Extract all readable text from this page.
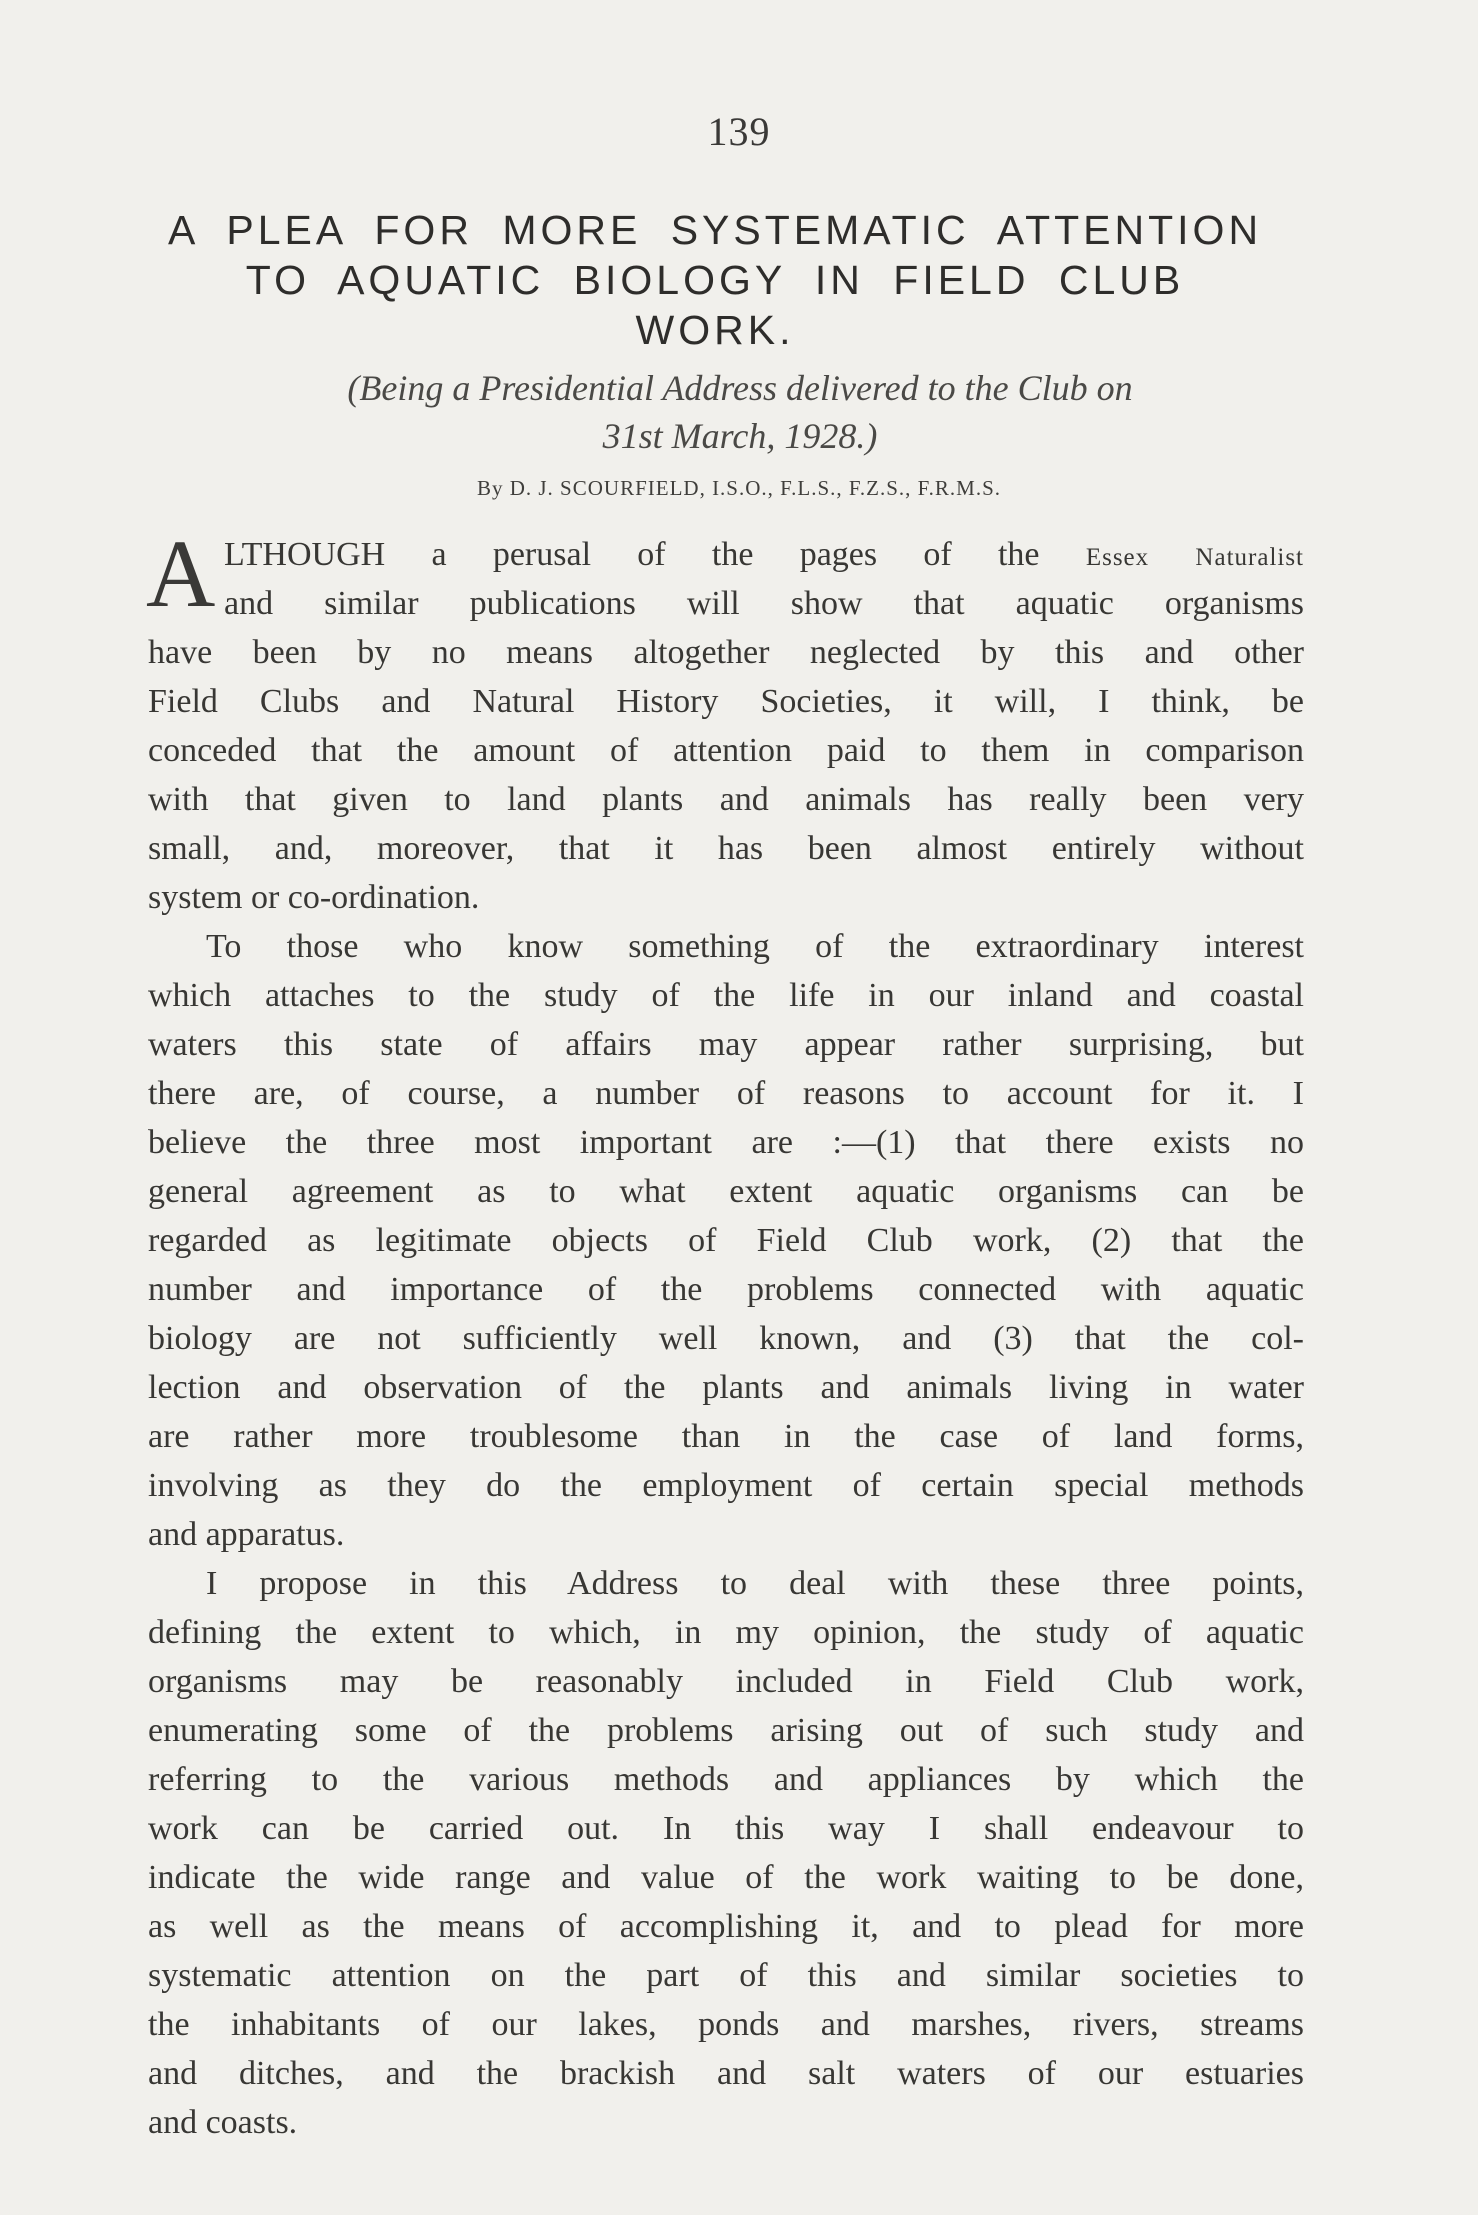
139
A PLEA FOR MORE SYSTEMATIC ATTENTION
TO AQUATIC BIOLOGY IN FIELD CLUB
WORK.
(Being a Presidential Address delivered to the Club on
31st March, 1928.)
By D. J. SCOURFIELD, I.S.O., F.L.S., F.Z.S., F.R.M.S.
A LTHOUGH a perusal of the pages of the Essex Naturalist
and similar publications will show that aquatic organisms
have been by no means altogether neglected by this and other
Field Clubs and Natural History Societies, it will, I think, be
conceded that the amount of attention paid to them in comparison
with that given to land plants and animals has really been very
small, and, moreover, that it has been almost entirely without
system or co-ordination.
To those who know something of the extraordinary interest
which attaches to the study of the life in our inland and coastal
waters this state of affairs may appear rather surprising, but
there are, of course, a number of reasons to account for it. I
believe the three most important are :—(1) that there exists no
general agreement as to what extent aquatic organisms can be
regarded as legitimate objects of Field Club work, (2) that the
number and importance of the problems connected with aquatic
biology are not sufficiently well known, and (3) that the col-
lection and observation of the plants and animals living in water
are rather more troublesome than in the case of land forms,
involving as they do the employment of certain special methods
and apparatus.
I propose in this Address to deal with these three points,
defining the extent to which, in my opinion, the study of aquatic
organisms may be reasonably included in Field Club work,
enumerating some of the problems arising out of such study and
referring to the various methods and appliances by which the
work can be carried out. In this way I shall endeavour to
indicate the wide range and value of the work waiting to be done,
as well as the means of accomplishing it, and to plead for more
systematic attention on the part of this and similar societies to
the inhabitants of our lakes, ponds and marshes, rivers, streams
and ditches, and the brackish and salt waters of our estuaries
and coasts.
